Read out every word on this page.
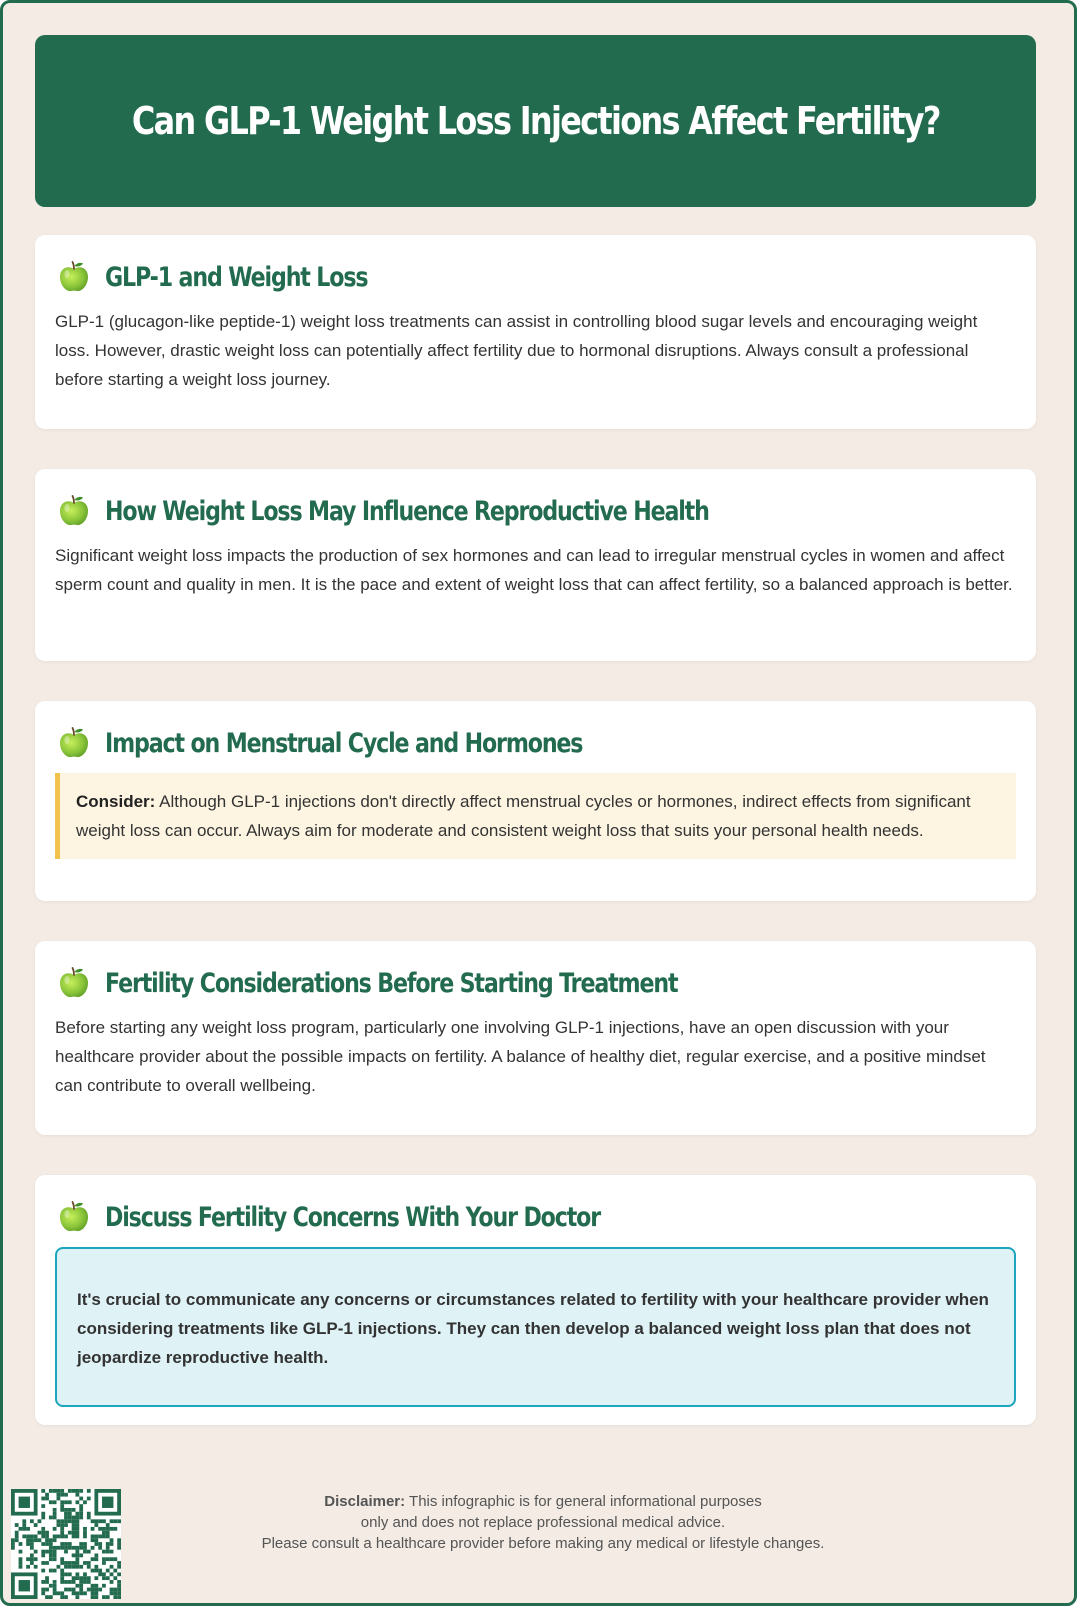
Can GLP-1 Weight Loss Injections Affect Fertility?
GLP-1 and Weight Loss

GLP-1 (glucagon-like peptide-1) weight loss treatments can assist in controlling blood sugar levels and encouraging weight loss. However, drastic weight loss can potentially affect fertility due to hormonal disruptions. Always consult a professional before starting a weight loss journey.

How Weight Loss May Influence Reproductive Health

Significant weight loss impacts the production of sex hormones and can lead to irregular menstrual cycles in women and affect sperm count and quality in men. It is the pace and extent of weight loss that can affect fertility, so a balanced approach is better.

Impact on Menstrual Cycle and Hormones
Consider: Although GLP-1 injections don't directly affect menstrual cycles or hormones, indirect effects from significant weight loss can occur. Always aim for moderate and consistent weight loss that suits your personal health needs.
Fertility Considerations Before Starting Treatment

Before starting any weight loss program, particularly one involving GLP-1 injections, have an open discussion with your healthcare provider about the possible impacts on fertility. A balance of healthy diet, regular exercise, and a positive mindset can contribute to overall wellbeing.

Discuss Fertility Concerns With Your Doctor
It's crucial to communicate any concerns or circumstances related to fertility with your healthcare provider when considering treatments like GLP-1 injections. They can then develop a balanced weight loss plan that does not jeopardize reproductive health.
Disclaimer: This infographic is for general informational purposes
only and does not replace professional medical advice.
Please consult a healthcare provider before making any medical or lifestyle changes.
